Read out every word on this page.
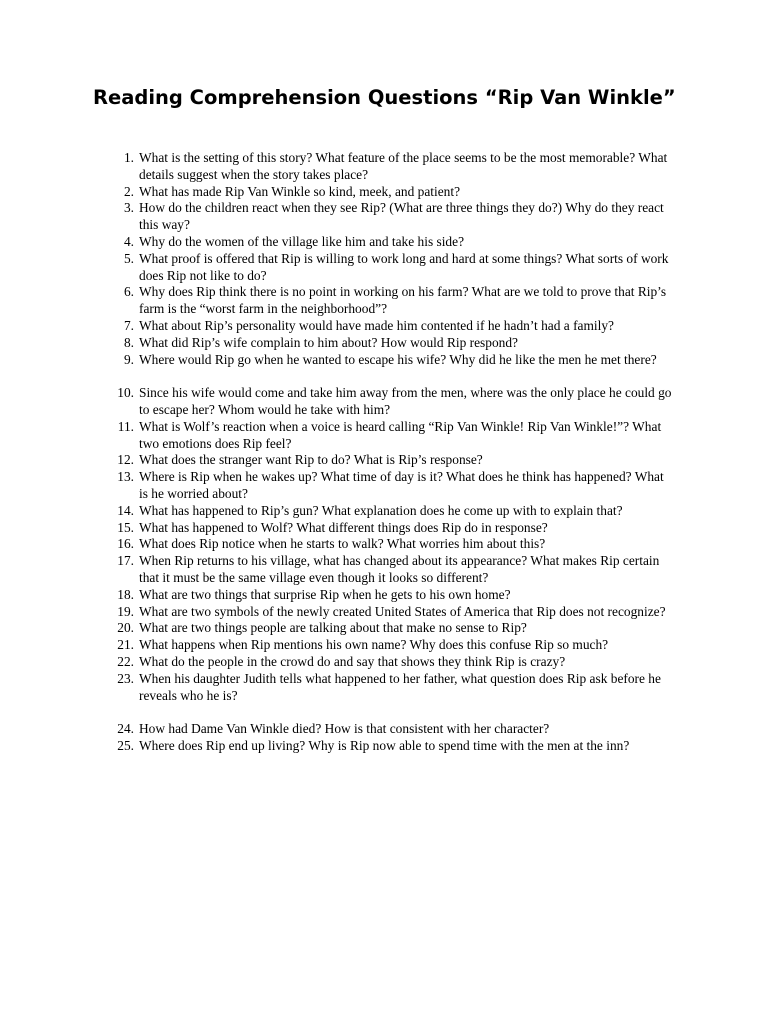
Reading Comprehension Questions “Rip Van Winkle”
1. What is the setting of this story? What feature of the place seems to be the most memorable? What details suggest when the story takes place?
2. What has made Rip Van Winkle so kind, meek, and patient?
3. How do the children react when they see Rip? (What are three things they do?) Why do they react this way?
4. Why do the women of the village like him and take his side?
5. What proof is offered that Rip is willing to work long and hard at some things? What sorts of work does Rip not like to do?
6. Why does Rip think there is no point in working on his farm? What are we told to prove that Rip’s farm is the “worst farm in the neighborhood”?
7. What about Rip’s personality would have made him contented if he hadn’t had a family?
8. What did Rip’s wife complain to him about? How would Rip respond?
9. Where would Rip go when he wanted to escape his wife? Why did he like the men he met there?
10. Since his wife would come and take him away from the men, where was the only place he could go to escape her? Whom would he take with him?
11. What is Wolf’s reaction when a voice is heard calling “Rip Van Winkle! Rip Van Winkle!”? What two emotions does Rip feel?
12. What does the stranger want Rip to do? What is Rip’s response?
13. Where is Rip when he wakes up? What time of day is it? What does he think has happened? What is he worried about?
14. What has happened to Rip’s gun? What explanation does he come up with to explain that?
15. What has happened to Wolf? What different things does Rip do in response?
16. What does Rip notice when he starts to walk? What worries him about this?
17. When Rip returns to his village, what has changed about its appearance? What makes Rip certain that it must be the same village even though it looks so different?
18. What are two things that surprise Rip when he gets to his own home?
19. What are two symbols of the newly created United States of America that Rip does not recognize?
20. What are two things people are talking about that make no sense to Rip?
21. What happens when Rip mentions his own name? Why does this confuse Rip so much?
22. What do the people in the crowd do and say that shows they think Rip is crazy?
23. When his daughter Judith tells what happened to her father, what question does Rip ask before he reveals who he is?
24. How had Dame Van Winkle died? How is that consistent with her character?
25. Where does Rip end up living? Why is Rip now able to spend time with the men at the inn?
